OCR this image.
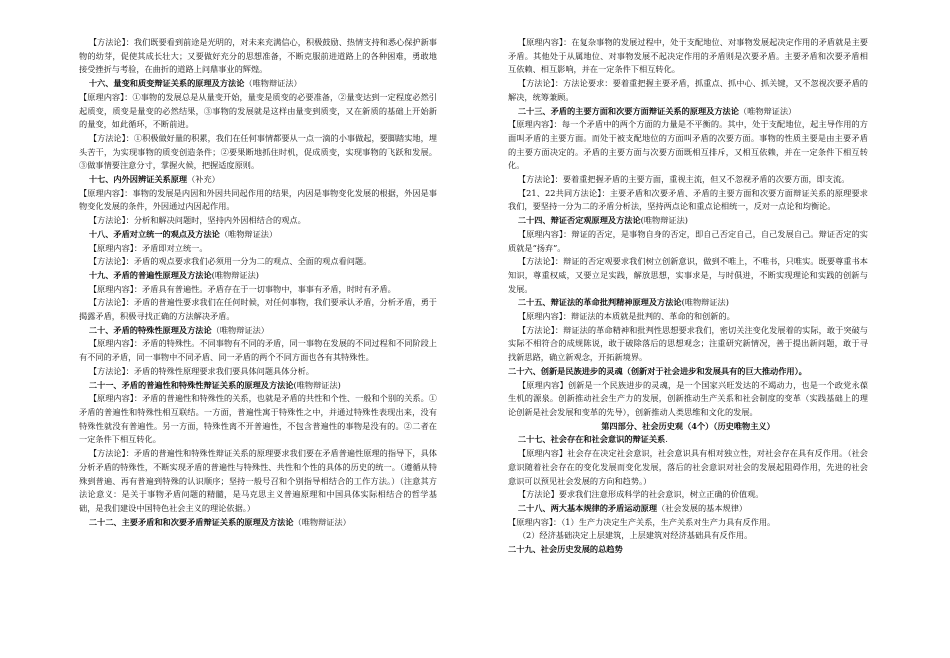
【方法论】：我们既要看到前途是光明的，对未来充满信心，积极鼓励、热情支持和悉心保护新事物的幼芽，促使其成长壮大；又要做好充分的思想准备，不断克服前进道路上的各种困难，勇敢地接受挫折与考验，在曲折的道路上问鼎事业的辉煌。

十六、量变和质变辩证关系的原理及方法论（唯物辩证法）

【原理内容】：①事物的发展总是从量变开始，量变是质变的必要准备，②量变达到一定程度必然引起质变，质变是量变的必然结果，③事物的发展就是这样由量变到质变，又在新质的基础上开始新的量变，如此循环，不断前进。

【方法论】：①积极做好量的积累，我们在任何事情都要从一点一滴的小事做起，要脚踏实地，埋头苦干，为实现事物的质变创造条件；②要果断地抓住时机，促成质变，实现事物的飞跃和发展。③做事情要注意分寸，掌握火候，把握适度原则。

十七、内外因辨证关系原理（补充）

【原理内容】：事物的发展是内因和外因共同起作用的结果，内因是事物变化发展的根据，外因是事物变化发展的条件，外因通过内因起作用。

【方法论】：分析和解决问题时，坚持内外因相结合的观点。

十八、矛盾对立统一的观点及方法论（唯物辩证法）

【原理内容】：矛盾即对立统一。

【方法论】：矛盾的观点要求我们必须用一分为二的观点、全面的观点看问题。

十九、矛盾的普遍性原理及方法论(唯物辩证法)

【原理内容】：矛盾具有普遍性。矛盾存在于一切事物中，事事有矛盾，时时有矛盾。

【方法论】：矛盾的普遍性要求我们在任何时候，对任何事物，我们要承认矛盾，分析矛盾，勇于揭露矛盾，积极寻找正确的方法解决矛盾。

二十、矛盾的特殊性原理及方法论（唯物辩证法）

【原理内容】：矛盾的特殊性。不同事物有不同的矛盾，同一事物在发展的不同过程和不同阶段上有不同的矛盾，同一事物中不同矛盾、同一矛盾的两个不同方面也各有其特殊性。

【方法论】：矛盾的特殊性原理要求我们要具体问题具体分析。

二十一、矛盾的普遍性和特殊性辩证关系的原理及方法论(唯物辩证法)

【原理内容】：矛盾的普遍性和特殊性的关系，也就是矛盾的共性和个性、一般和个别的关系。①矛盾的普遍性和特殊性相互联结。一方面，普遍性寓于特殊性之中，并通过特殊性表现出来，没有特殊性就没有普遍性。另一方面，特殊性离不开普遍性，不包含普遍性的事物是没有的。②二者在一定条件下相互转化。

【方法论】：矛盾的普遍性和特殊性辩证关系的原理要求我们要在矛盾普遍性原理的指导下，具体分析矛盾的特殊性，不断实现矛盾的普遍性与特殊性、共性和个性的具体的历史的统一。（遵循从特殊到普遍、再有普遍到特殊的认识顺序；坚持一般号召和个别指导相结合的工作方法。）（注意其方法论意义：是关于事物矛盾问题的精髓，是马克思主义普遍原理和中国具体实际相结合的哲学基础，是我们建设中国特色社会主义的理论依据。）

二十二、主要矛盾和和次要矛盾辩证关系的原理及方法论（唯物辩证法）

【原理内容】：在复杂事物的发展过程中，处于支配地位、对事物发展起决定作用的矛盾就是主要矛盾。其他处于从属地位、对事物发展不起决定作用的矛盾则是次要矛盾。主要矛盾和次要矛盾相互依赖、相互影响，并在一定条件下相互转化。

【方法论】：方法论要求：要着重把握主要矛盾，抓重点、抓中心、抓关键，又不忽视次要矛盾的解决，统筹兼顾。

二十三、矛盾的主要方面和次要方面辩证关系的原理及方法论（唯物辩证法）

【原理内容】：每一个矛盾中的两个方面的力量是不平衡的。其中，处于支配地位，起主导作用的方面叫矛盾的主要方面。而处于被支配地位的方面叫矛盾的次要方面。事物的性质主要是由主要矛盾的主要方面决定的。矛盾的主要方面与次要方面既相互排斥，又相互依赖，并在一定条件下相互转化。

【方法论】：要着重把握矛盾的主要方面，重视主流，但又不忽视矛盾的次要方面，即支流。

【21、22共同方法论】：主要矛盾和次要矛盾、矛盾的主要方面和次要方面辩证关系的原理要求我们，要坚持一分为二的矛盾分析法，坚持两点论和重点论相统一，反对一点论和均衡论。

二十四、辩证否定观原理及方法论(唯物辩证法)

【原理内容】：辩证的否定，是事物自身的否定，即自己否定自己，自己发展自己。辩证否定的实质就是“扬弃”。

【方法论】：辩证的否定观要求我们树立创新意识，做到不唯上，不唯书，只唯实。既要尊重书本知识，尊重权威，又要立足实践，解放思想，实事求是，与时俱进，不断实现理论和实践的创新与发展。

二十五、辩证法的革命批判精神原理及方法论(唯物辩证法)

【原理内容】：辩证法的本质就是批判的、革命的和创新的。

【方法论】：辩证法的革命精神和批判性思想要求我们，密切关注变化发展着的实际，敢于突破与实际不相符合的成规陈说，敢于破除落后的思想观念；注重研究新情况，善于提出新问题，敢于寻找新思路，确立新观念，开拓新境界。

二十六、创新是民族进步的灵魂（创新对于社会进步和发展具有的巨大推动作用）。

【原理内容】创新是一个民族进步的灵魂，是一个国家兴旺发达的不竭动力，也是一个政党永葆生机的源泉。创新推动社会生产力的发展，创新推动生产关系和社会制度的变革（实践基础上的理论创新是社会发展和变革的先导），创新推动人类思维和文化的发展。

第四部分、社会历史观（4个）（历史唯物主义）

二十七、社会存在和社会意识的辩证关系.

【原理内容】社会存在决定社会意识，社会意识具有相对独立性，对社会存在具有反作用。（社会意识随着社会存在的变化发展而变化发展，落后的社会意识对社会的发展起阻碍作用，先进的社会意识可以预见社会发展的方向和趋势。）

【方法论】要求我们注意形成科学的社会意识，树立正确的价值观。

二十八、两大基本规律的矛盾运动原理（社会发展的基本规律）

【原理内容】：（1）生产力决定生产关系，生产关系对生产力具有反作用。

（2）经济基础决定上层建筑，上层建筑对经济基础具有反作用。

二十九、社会历史发展的总趋势
